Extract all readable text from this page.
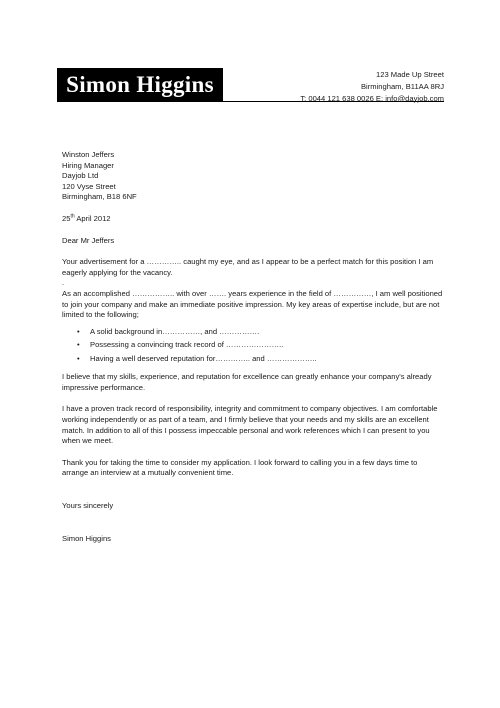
Simon Higgins	123 Made Up Street
Birmingham, B11AA 8RJ
T: 0044 121 638 0026 E: info@dayjob.com

Winston Jeffers

Hiring Manager

Dayjob Ltd

120 Vyse Street

Birmingham, B18 6NF

25th April 2012

Dear Mr Jeffers

Your advertisement for a ………….. caught my eye, and as I appear to be a perfect match for this position I am eagerly applying for the vacancy.

.

As an accomplished …………….. with over ……. years experience in the field of ……………, I am well positioned to join your company and make an immediate positive impression. My key areas of expertise include, but are not limited to the following;

• A solid background in……………, and …………….
• Possessing a convincing track record of …………………..
• Having a well deserved reputation for………….. and ………………..

I believe that my skills, experience, and reputation for excellence can greatly enhance your company's already impressive performance.

I have a proven track record of responsibility, integrity and commitment to company objectives. I am comfortable working independently or as part of a team, and I firmly believe that your needs and my skills are an excellent match. In addition to all of this I possess impeccable personal and work references which I can present to you when we meet.

Thank you for taking the time to consider my application. I look forward to calling you in a few days time to arrange an interview at a mutually convenient time.

Yours sincerely

Simon Higgins
